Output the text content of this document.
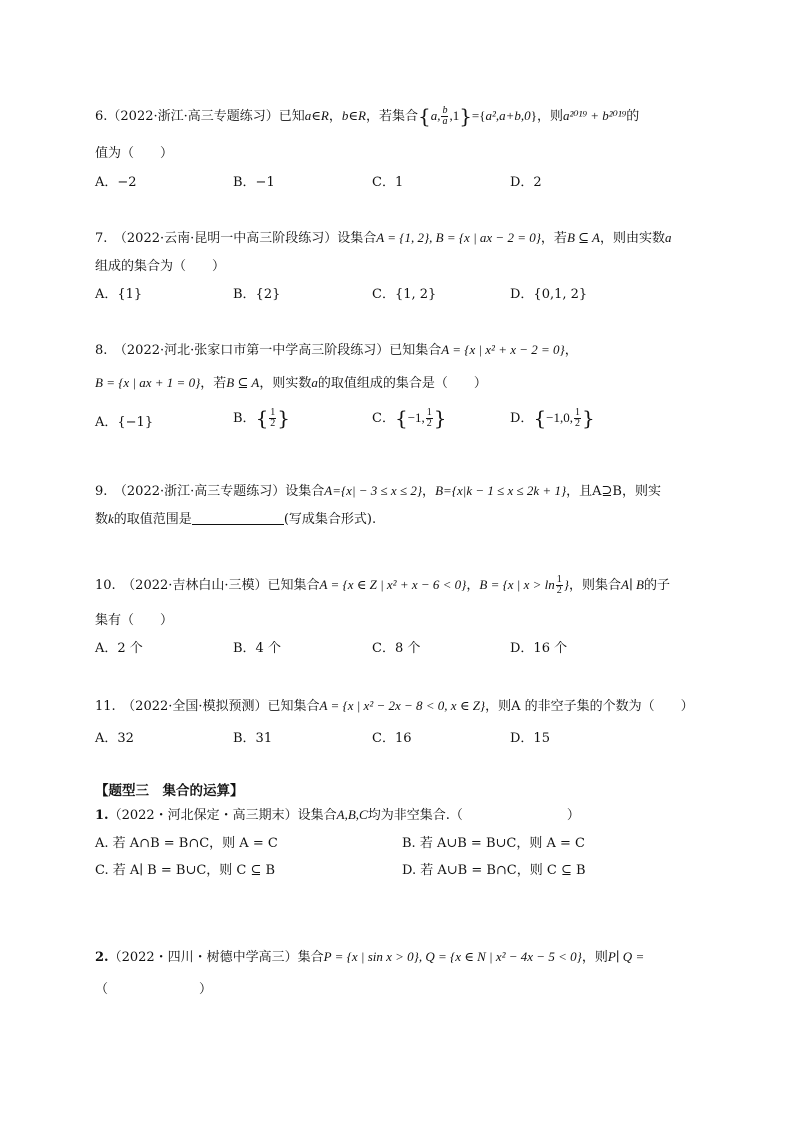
6.（2022·浙江·高三专题练习）已知a∈R，b∈R，若集合{a, $\frac{b}{a} ,1\}=\{a^2,a+b,0\}$，则a²⁰¹⁹ + b²⁰¹⁹的
值为（　　）
A．−2	B．−1	C．1	D．2
7.　（2022·云南·昆明一中高三阶段练习）设集合A = {1, 2}, B = {x | ax − 2 = 0}，若B ⊆ A，则由实数a
组成的集合为（　　）
A．{1}	B．{2}	C．{1, 2}	D．{0,1, 2}
8.　（2022·河北·张家口市第一中学高三阶段练习）已知集合A = {x | x² + x − 2 = 0}，
B = {x | ax + 1 = 0}，若B ⊆ A，则实数a的取值组成的集合是（　　）
A．{−1}	B．{ $\frac{1}{2}$ }	C．{−1, $\frac{1}{2}$ }	D．{−1,0, $\frac{1}{2}$ }
9.　（2022·浙江·高三专题练习）设集合A={x| − 3 ≤ x ≤ 2}，B={x|k − 1 ≤ x ≤ 2k + 1}，且A⊇B，则实
数k的取值范围是	(写成集合形式).
10.　（2022·吉林白山·三模）已知集合A = {x ∈ Z | x² + x − 6 < 0}，B = {x | $x > \ln \frac{1}{2}$ }，则集合A∣ B的子
集有（　　）
A．2 个	B．4 个	C．8 个	D．16 个
11.　（2022·全国·模拟预测）已知集合A = {x | x² − 2x − 8 < 0, x ∈ Z}，则A 的非空子集的个数为（　　）
A．32	B．31	C．16	D．15
【题型三　集合的运算】
1.（2022・河北保定・高三期末）设集合A,B,C均为非空集合.（　　　　　　　　）
A. 若 A∩B = B∩C，则 A = C	B. 若 A∪B = B∪C，则 A = C
C. 若 A∣ B = B∪C，则 C ⊆ B	D. 若 A∪B = B∩C，则 C ⊆ B
2.（2022・四川・树德中学高三）集合P = {x | sin x > 0}, Q = {x ∈ N | x² − 4x − 5 < 0}，则P∣ Q =
（　　　　　　　）
